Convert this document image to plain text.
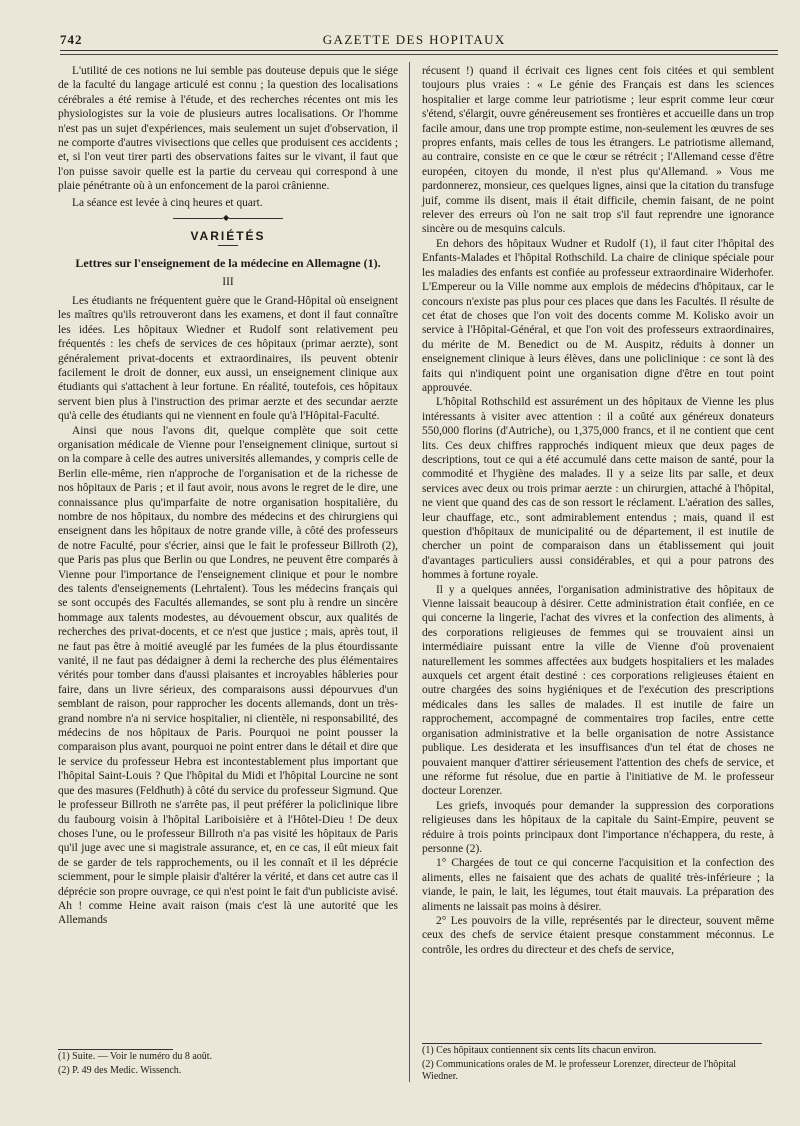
742	GAZETTE DES HOPITAUX

L'utilité de ces notions ne lui semble pas douteuse depuis que le siége de la faculté du langage articulé est connu ; la question des localisations cérébrales a été remise à l'étude, et des recherches récentes ont mis les physiologistes sur la voie de plusieurs autres localisations. Or l'homme n'est pas un sujet d'expériences, mais seulement un sujet d'observation, il ne comporte d'autres vivisections que celles que produisent ces accidents ; et, si l'on veut tirer parti des observations faites sur le vivant, il faut que l'on puisse savoir quelle est la partie du cerveau qui correspond à une plaie pénétrante où à un enfoncement de la paroi crânienne.

La séance est levée à cinq heures et quart.

◆
VARIÉTÉS
Lettres sur l'enseignement de la médecine en Allemagne (1).
III

Les étudiants ne fréquentent guère que le Grand-Hôpital où enseignent les maîtres qu'ils retrouveront dans les examens, et dont il faut connaître les idées. Les hôpitaux Wiedner et Rudolf sont relativement peu fréquentés : les chefs de services de ces hôpitaux (primar aerzte), sont généralement privat-docents et extraordinaires, ils peuvent obtenir facilement le droit de donner, eux aussi, un enseignement clinique aux étudiants qui s'attachent à leur fortune. En réalité, toutefois, ces hôpitaux servent bien plus à l'instruction des primar aerzte et des secundar aerzte qu'à celle des étudiants qui ne viennent en foule qu'à l'Hôpital-Faculté.

Ainsi que nous l'avons dit, quelque complète que soit cette organisation médicale de Vienne pour l'enseignement clinique, surtout si on la compare à celle des autres universités allemandes, y compris celle de Berlin elle-même, rien n'approche de l'organisation et de la richesse de nos hôpitaux de Paris ; et il faut avoir, nous avons le regret de le dire, une connaissance plus qu'imparfaite de notre organisation hospitalière, du nombre de nos hôpitaux, du nombre des médecins et des chirurgiens qui enseignent dans les hôpitaux de notre grande ville, à côté des professeurs de notre Faculté, pour s'écrier, ainsi que le fait le professeur Billroth (2), que Paris pas plus que Berlin ou que Londres, ne peuvent être comparés à Vienne pour l'importance de l'enseignement clinique et pour le nombre des talents d'enseignements (Lehrtalent). Tous les médecins français qui se sont occupés des Facultés allemandes, se sont plu à rendre un sincère hommage aux talents modestes, au dévouement obscur, aux qualités de recherches des privat-docents, et ce n'est que justice ; mais, après tout, il ne faut pas être à moitié aveuglé par les fumées de la plus étourdissante vanité, il ne faut pas dédaigner à demi la recherche des plus élémentaires vérités pour tomber dans d'aussi plaisantes et incroyables hâbleries pour faire, dans un livre sérieux, des comparaisons aussi dépourvues d'un semblant de raison, pour rapprocher les docents allemands, dont un très-grand nombre n'a ni service hospitalier, ni clientèle, ni responsabilité, des médecins de nos hôpitaux de Paris. Pourquoi ne point pousser la comparaison plus avant, pourquoi ne point entrer dans le détail et dire que le service du professeur Hebra est incontestablement plus important que l'hôpital Saint-Louis ? Que l'hôpital du Midi et l'hôpital Lourcine ne sont que des masures (Feldhuth) à côté du service du professeur Sigmund. Que le professeur Billroth ne s'arrête pas, il peut préférer la policlinique libre du faubourg voisin à l'hôpital Lariboisière et à l'Hôtel-Dieu ! De deux choses l'une, ou le professeur Billroth n'a pas visité les hôpitaux de Paris qu'il juge avec une si magistrale assurance, et, en ce cas, il eût mieux fait de se garder de tels rapprochements, ou il les connaît et il les déprécie sciemment, pour le simple plaisir d'altérer la vérité, et dans cet autre cas il déprécie son propre ouvrage, ce qui n'est point le fait d'un publiciste avisé. Ah ! comme Heine avait raison (mais c'est là une autorité que les Allemands

(1) Suite. — Voir le numéro du 8 août.
(2) P. 49 des Medic. Wissench.

récusent !) quand il écrivait ces lignes cent fois citées et qui semblent toujours plus vraies : « Le génie des Français est dans les sciences hospitalier et large comme leur patriotisme ; leur esprit comme leur cœur s'étend, s'élargit, ouvre généreusement ses frontières et accueille dans un trop facile amour, dans une trop prompte estime, non-seulement les œuvres de ses propres enfants, mais celles de tous les étrangers. Le patriotisme allemand, au contraire, consiste en ce que le cœur se rétrécit ; l'Allemand cesse d'être européen, citoyen du monde, il n'est plus qu'Allemand. » Vous me pardonnerez, monsieur, ces quelques lignes, ainsi que la citation du transfuge juif, comme ils disent, mais il était difficile, chemin faisant, de ne point relever des erreurs où l'on ne sait trop s'il faut reprendre une ignorance sincère ou de mesquins calculs.

En dehors des hôpitaux Wudner et Rudolf (1), il faut citer l'hôpital des Enfants-Malades et l'hôpital Rothschild. La chaire de clinique spéciale pour les maladies des enfants est confiée au professeur extraordinaire Widerhofer. L'Empereur ou la Ville nomme aux emplois de médecins d'hôpitaux, car le concours n'existe pas plus pour ces places que dans les Facultés. Il résulte de cet état de choses que l'on voit des docents comme M. Kolisko avoir un service à l'Hôpital-Général, et que l'on voit des professeurs extraordinaires, du mérite de M. Benedict ou de M. Auspitz, réduits à donner un enseignement clinique à leurs élèves, dans une policlinique : ce sont là des faits qui n'indiquent point une organisation digne d'être en tout point approuvée.

L'hôpital Rothschild est assurément un des hôpitaux de Vienne les plus intéressants à visiter avec attention : il a coûté aux généreux donateurs 550,000 florins (d'Autriche), ou 1,375,000 francs, et il ne contient que cent lits. Ces deux chiffres rapprochés indiquent mieux que deux pages de descriptions, tout ce qui a été accumulé dans cette maison de santé, pour la commodité et l'hygiène des malades. Il y a seize lits par salle, et deux services avec deux ou trois primar aerzte : un chirurgien, attaché à l'hôpital, ne vient que quand des cas de son ressort le réclament. L'aération des salles, leur chauffage, etc., sont admirablement entendus ; mais, quand il est question d'hôpitaux de municipalité ou de département, il est inutile de chercher un point de comparaison dans un établissement qui jouit d'avantages particuliers aussi considérables, et qui a pour patrons des hommes à fortune royale.

Il y a quelques années, l'organisation administrative des hôpitaux de Vienne laissait beaucoup à désirer. Cette administration était confiée, en ce qui concerne la lingerie, l'achat des vivres et la confection des aliments, à des corporations religieuses de femmes qui se trouvaient ainsi un intermédiaire puissant entre la ville de Vienne d'où provenaient naturellement les sommes affectées aux budgets hospitaliers et les malades auxquels cet argent était destiné : ces corporations religieuses étaient en outre chargées des soins hygiéniques et de l'exécution des prescriptions médicales dans les salles de malades. Il est inutile de faire un rapprochement, accompagné de commentaires trop faciles, entre cette organisation administrative et la belle organisation de notre Assistance publique. Les desiderata et les insuffisances d'un tel état de choses ne pouvaient manquer d'attirer sérieusement l'attention des chefs de service, et une réforme fut résolue, due en partie à l'initiative de M. le professeur docteur Lorenzer.

Les griefs, invoqués pour demander la suppression des corporations religieuses dans les hôpitaux de la capitale du Saint-Empire, peuvent se réduire à trois points principaux dont l'importance n'échappera, du reste, à personne (2).

1° Chargées de tout ce qui concerne l'acquisition et la confection des aliments, elles ne faisaient que des achats de qualité très-inférieure ; la viande, le pain, le lait, les légumes, tout était mauvais. La préparation des aliments ne laissait pas moins à désirer.

2° Les pouvoirs de la ville, représentés par le directeur, souvent même ceux des chefs de service étaient presque constamment méconnus. Le contrôle, les ordres du directeur et des chefs de service,

(1) Ces hôpitaux contiennent six cents lits chacun environ.
(2) Communications orales de M. le professeur Lorenzer, directeur de l'hôpital Wiedner.
